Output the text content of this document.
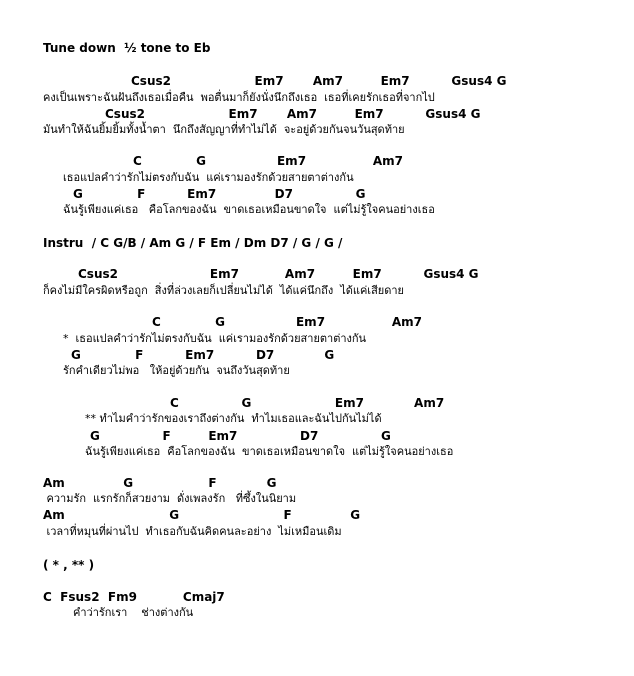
Tune down  ½ tone to Eb
Csus2                    Em7       Am7         Em7          Gsus4 G
คงเป็นเพราะฉันฝันถึงเธอเมื่อคืน  พอตื่นมาก็ยังนั่งนึกถึงเธอ  เธอที่เคยรักเธอที่จากไป
Csus2                    Em7       Am7         Em7          Gsus4 G
มันทำให้ฉันยิ้มยิ้มทั้งน้ำตา  นึกถึงสัญญาที่ทำไม่ได้  จะอยู่ด้วยกันจนวันสุดท้าย
C             G                 Em7                Am7
เธอแปลคำว่ารักไม่ตรงกับฉัน  แค่เรามองรักด้วยสายตาต่างกัน
G             F          Em7              D7               G
ฉันรู้เพียงแค่เธอ   คือโลกของฉัน  ขาดเธอเหมือนขาดใจ  แต่ไม่รู้ใจคนอย่างเธอ
Instru  / C G/B / Am G / F Em / Dm D7 / G / G /
Csus2                      Em7           Am7         Em7          Gsus4 G
ก็คงไม่มีใครผิดหรือถูก  สิ่งที่ล่วงเลยก็เปลี่ยนไม่ได้  ได้แค่นึกถึง  ได้แค่เสียดาย
C             G                 Em7                Am7
*  เธอแปลคำว่ารักไม่ตรงกับฉัน  แค่เรามองรักด้วยสายตาต่างกัน
G             F          Em7          D7            G
รักคำเดียวไม่พอ   ให้อยู่ด้วยกัน  จนถึงวันสุดท้าย
C               G                    Em7            Am7
** ทำไมคำว่ารักของเราถึงต่างกัน  ทำไมเธอและฉันไปกันไม่ได้
G               F         Em7               D7               G
ฉันรู้เพียงแค่เธอ  คือโลกของฉัน  ขาดเธอเหมือนขาดใจ  แต่ไม่รู้ใจคนอย่างเธอ
Am              G                  F            G
ความรัก  แรกรักก็สวยงาม  ดั่งเพลงรัก   ที่ซึ้งในนิยาม
Am                         G                         F              G
เวลาที่หมุนที่ผ่านไป  ทำเธอกับฉันคิดคนละอย่าง  ไม่เหมือนเดิม
( * , ** )
C  Fsus2  Fm9           Cmaj7
คำว่ารักเรา    ช่างต่างกัน
